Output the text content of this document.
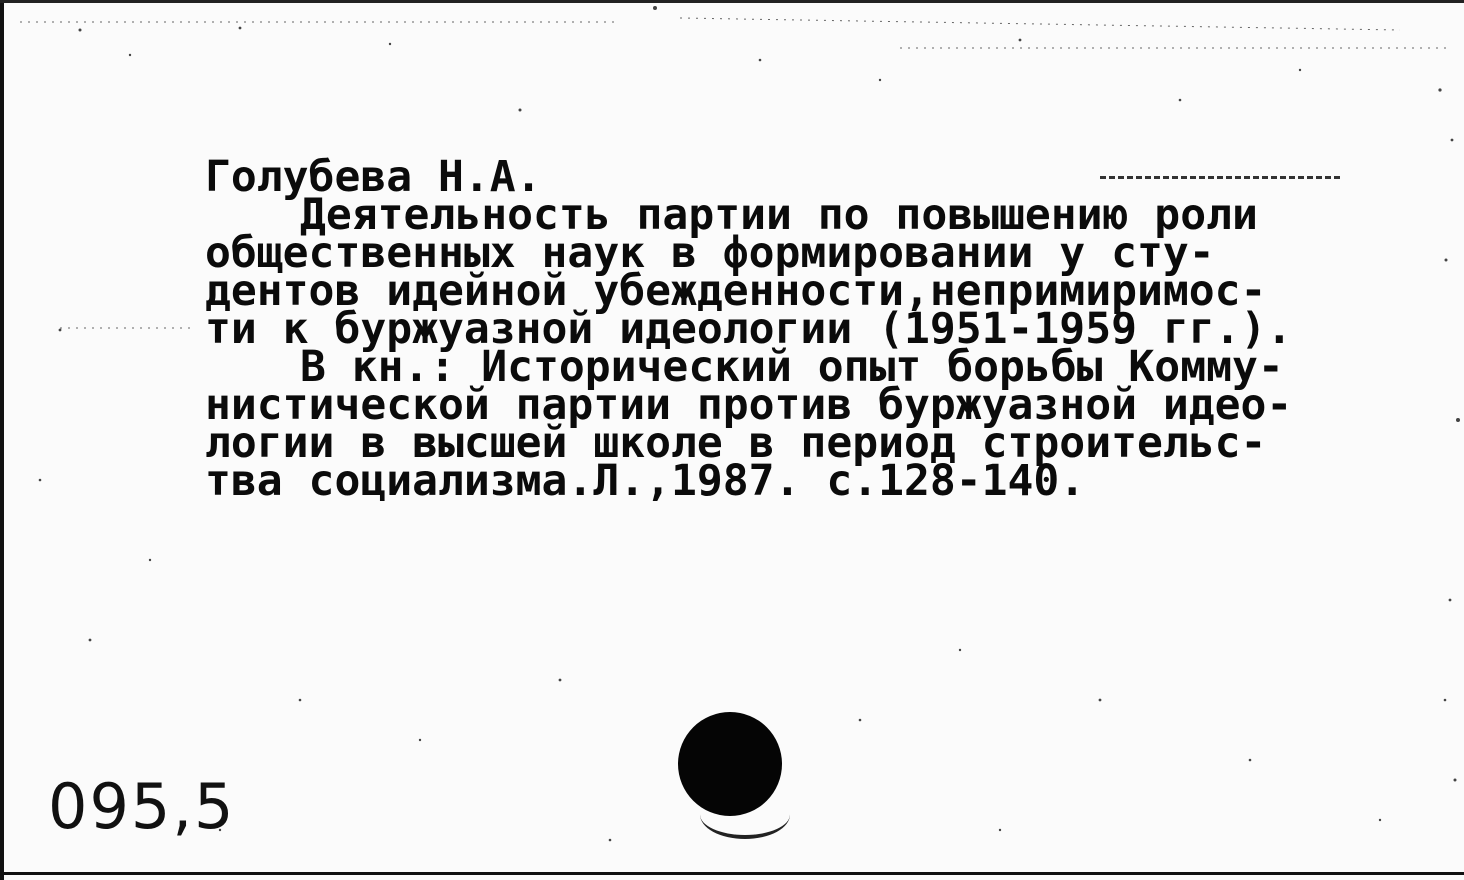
Голубева Н.А.
Деятельность партии по повышению роли
общественных наук в формировании у сту-
дентов идейной убежденности,непримиримос-
ти к буржуазной идеологии (1951-1959 гг.).
В кн.: Исторический опыт борьбы Комму-
нистической партии против буржуазной идео-
логии в высшей школе в период строительс-
тва социализма.Л.,1987. с.128-140.
095,5
